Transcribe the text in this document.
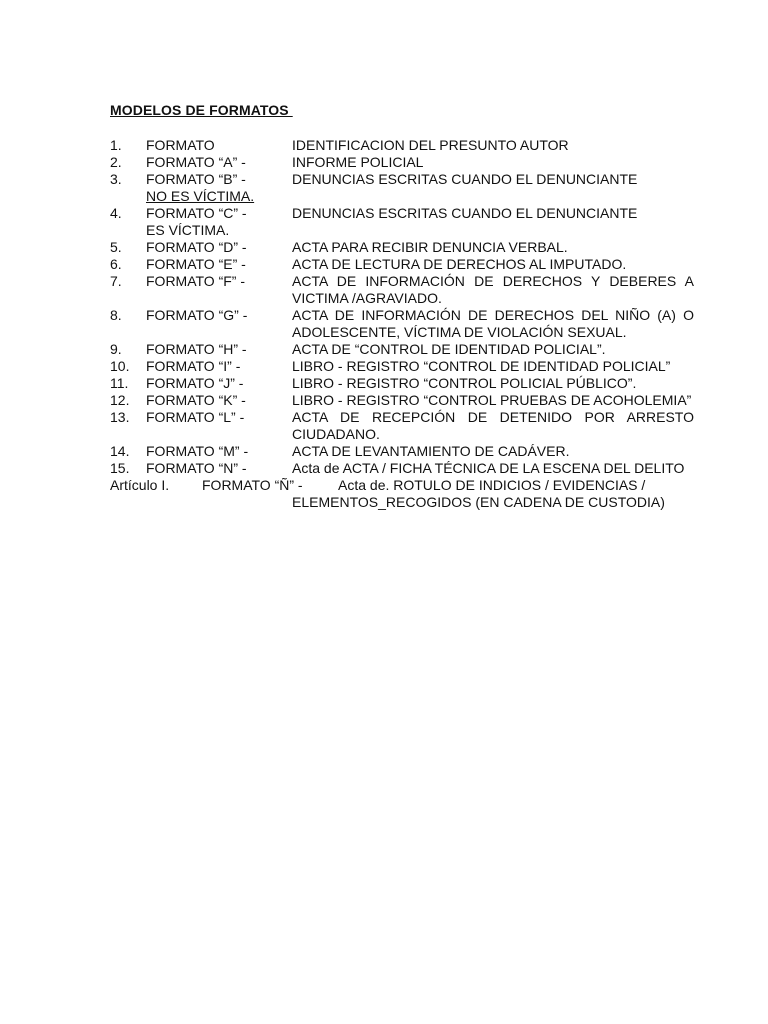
MODELOS DE FORMATOS
1. FORMATO	IDENTIFICACION DEL PRESUNTO AUTOR
2. FORMATO “A” -	INFORME POLICIAL
3. FORMATO “B” -	DENUNCIAS ESCRITAS CUANDO EL DENUNCIANTE
NO ES VÍCTIMA.
4. FORMATO “C” -	DENUNCIAS ESCRITAS CUANDO EL DENUNCIANTE
ES VÍCTIMA.
5. FORMATO “D” -	ACTA PARA RECIBIR DENUNCIA VERBAL.
6. FORMATO “E” -	ACTA DE LECTURA DE DERECHOS AL IMPUTADO.
7. FORMATO “F” -	ACTA DE INFORMACIÓN DE DERECHOS Y DEBERES A VICTIMA /AGRAVIADO.
8. FORMATO “G” -	ACTA DE INFORMACIÓN DE DERECHOS DEL NIÑO (A) O ADOLESCENTE, VÍCTIMA DE VIOLACIÓN SEXUAL.
9. FORMATO “H” -	ACTA DE “CONTROL DE IDENTIDAD POLICIAL”.
10. FORMATO “I” -	LIBRO - REGISTRO “CONTROL DE IDENTIDAD POLICIAL”
11. FORMATO “J” -	LIBRO - REGISTRO “CONTROL POLICIAL PÚBLICO”.
12. FORMATO “K” -	LIBRO - REGISTRO “CONTROL PRUEBAS DE ACOHOLEMIA”
13. FORMATO “L” -	ACTA DE RECEPCIÓN DE DETENIDO POR ARRESTO CIUDADANO.
14. FORMATO “M” -	ACTA DE LEVANTAMIENTO DE CADÁVER.
15. FORMATO “N” -	Acta de ACTA / FICHA TÉCNICA DE LA ESCENA DEL DELITO
Artículo I. FORMATO “Ñ” -	Acta de. ROTULO DE INDICIOS / EVIDENCIAS /
ELEMENTOS_RECOGIDOS (EN CADENA DE CUSTODIA)
